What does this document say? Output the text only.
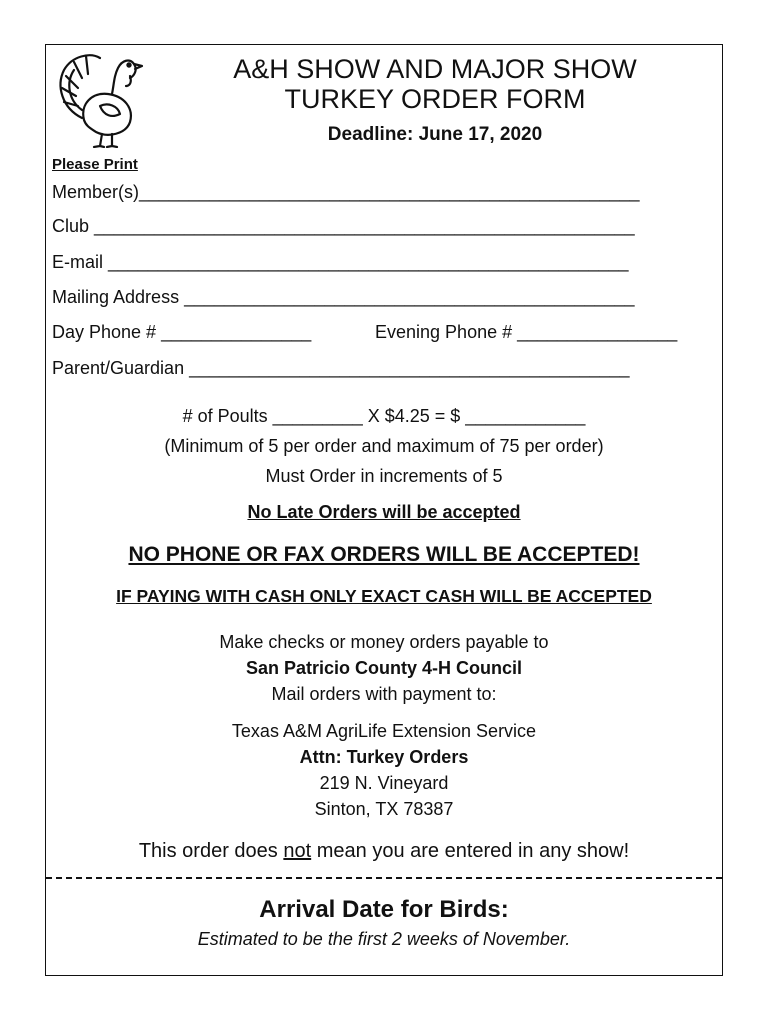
A&H SHOW AND MAJOR SHOW
TURKEY ORDER FORM
Deadline: June 17, 2020
Please Print
Member(s)__________________________________________________
Club ______________________________________________________
E-mail ____________________________________________________
Mailing Address _____________________________________________
Day Phone # _______________	Evening Phone # ________________
Parent/Guardian ____________________________________________
# of Poults _________ X $4.25 = $ ____________
(Minimum of 5 per order and maximum of 75 per order)
Must Order in increments of 5
No Late Orders will be accepted
NO PHONE OR FAX ORDERS WILL BE ACCEPTED!
IF PAYING WITH CASH ONLY EXACT CASH WILL BE ACCEPTED
Make checks or money orders payable to
San Patricio County 4-H Council
Mail orders with payment to:
Texas A&M AgriLife Extension Service
Attn: Turkey Orders
219 N. Vineyard
Sinton, TX 78387
This order does not mean you are entered in any show!
Arrival Date for Birds:
Estimated to be the first 2 weeks of November.
